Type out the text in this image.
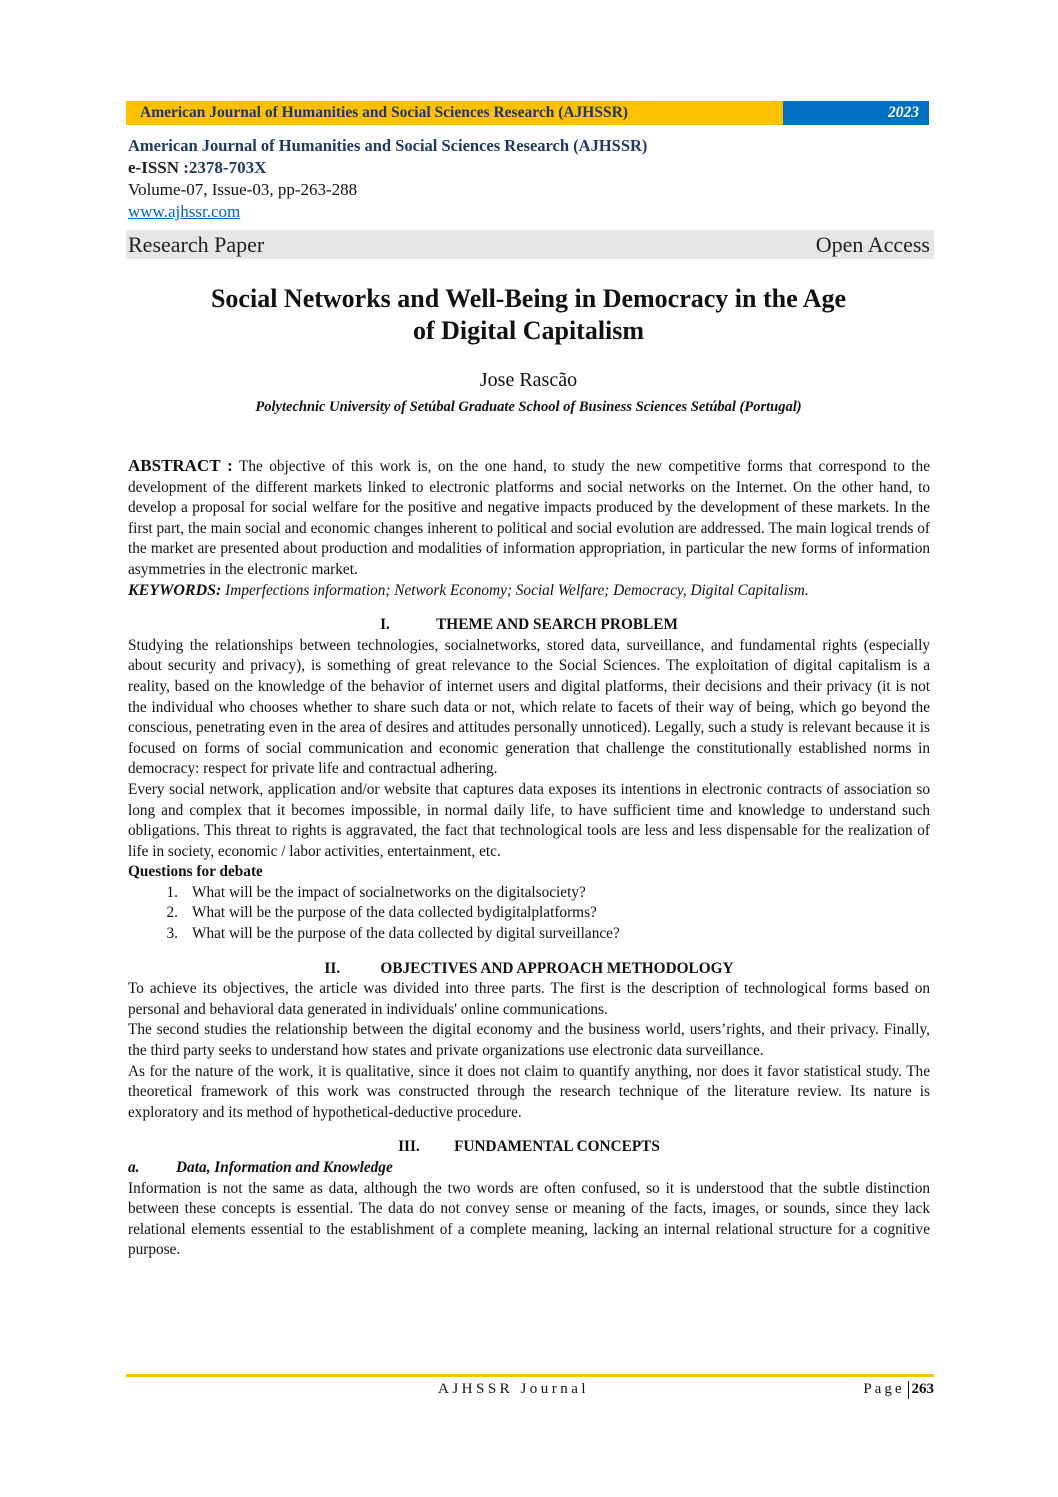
American Journal of Humanities and Social Sciences Research (AJHSSR)	2023
American Journal of Humanities and Social Sciences Research (AJHSSR)
e-ISSN :2378-703X
Volume-07, Issue-03, pp-263-288
www.ajhssr.com
Research Paper	Open Access
Social Networks and Well-Being in Democracy in the Age
of Digital Capitalism
Jose Rascão
Polytechnic University of Setúbal Graduate School of Business Sciences Setúbal (Portugal)

ABSTRACT : The objective of this work is, on the one hand, to study the new competitive forms that correspond to the development of the different markets linked to electronic platforms and social networks on the Internet. On the other hand, to develop a proposal for social welfare for the positive and negative impacts produced by the development of these markets. In the first part, the main social and economic changes inherent to political and social evolution are addressed. The main logical trends of the market are presented about production and modalities of information appropriation, in particular the new forms of information asymmetries in the electronic market.

KEYWORDS: Imperfections information; Network Economy; Social Welfare; Democracy, Digital Capitalism.

I.	THEME AND SEARCH PROBLEM

Studying the relationships between technologies, socialnetworks, stored data, surveillance, and fundamental rights (especially about security and privacy), is something of great relevance to the Social Sciences. The exploitation of digital capitalism is a reality, based on the knowledge of the behavior of internet users and digital platforms, their decisions and their privacy (it is not the individual who chooses whether to share such data or not, which relate to facets of their way of being, which go beyond the conscious, penetrating even in the area of desires and attitudes personally unnoticed). Legally, such a study is relevant because it is focused on forms of social communication and economic generation that challenge the constitutionally established norms in democracy: respect for private life and contractual adhering.

Every social network, application and/or website that captures data exposes its intentions in electronic contracts of association so long and complex that it becomes impossible, in normal daily life, to have sufficient time and knowledge to understand such obligations. This threat to rights is aggravated, the fact that technological tools are less and less dispensable for the realization of life in society, economic / labor activities, entertainment, etc.

Questions for debate
1. What will be the impact of socialnetworks on the digitalsociety?
2. What will be the purpose of the data collected bydigitalplatforms?
3. What will be the purpose of the data collected by digital surveillance?
II.	OBJECTIVES AND APPROACH METHODOLOGY

To achieve its objectives, the article was divided into three parts. The first is the description of technological forms based on personal and behavioral data generated in individuals' online communications.

The second studies the relationship between the digital economy and the business world, users’rights, and their privacy. Finally, the third party seeks to understand how states and private organizations use electronic data surveillance.

As for the nature of the work, it is qualitative, since it does not claim to quantify anything, nor does it favor statistical study. The theoretical framework of this work was constructed through the research technique of the literature review. Its nature is exploratory and its method of hypothetical-deductive procedure.

III.	FUNDAMENTAL CONCEPTS
a.	Data, Information and Knowledge

Information is not the same as data, although the two words are often confused, so it is understood that the subtle distinction between these concepts is essential. The data do not convey sense or meaning of the facts, images, or sounds, since they lack relational elements essential to the establishment of a complete meaning, lacking an internal relational structure for a cognitive purpose.

AJHSSR Journal	Page 263
